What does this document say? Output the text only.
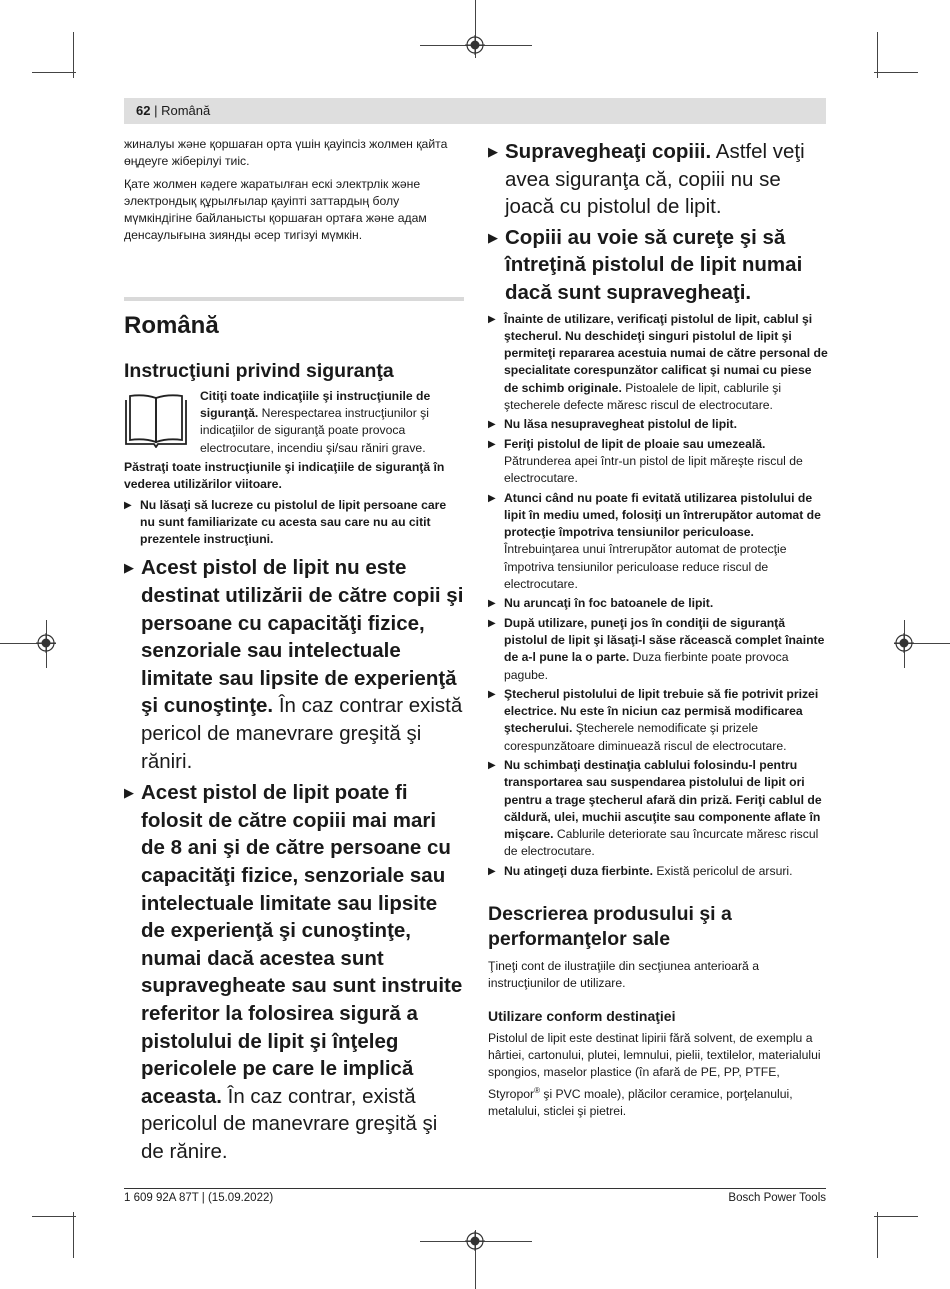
62 | Română

жиналуы және қоршаған орта үшін қауіпсіз жолмен қайта өңдеуге жіберілуі тиіс.

Қате жолмен кәдеге жаратылған ескі электрлік және электрондық құрылғылар қауіпті заттардың болу мүмкіндігіне байланысты қоршаған ортаға және адам денсаулығына зиянды әсер тигізуі мүмкін.

Română
Instrucţiuni privind siguranţa

Citiţi toate indicaţiile şi instrucţiunile de siguranţă. Nerespectarea instrucţiunilor şi indicaţiilor de siguranţă poate provoca electrocutare, incendiu şi/sau răniri grave.

Păstraţi toate instrucţiunile şi indicaţiile de siguranţă în vederea utilizărilor viitoare.

▶ Nu lăsaţi să lucreze cu pistolul de lipit persoane care nu sunt familiarizate cu acesta sau care nu au citit prezentele instrucţiuni.
▶ Acest pistol de lipit nu este destinat utilizării de către copii şi persoane cu capacităţi fizice, senzoriale sau intelectuale limitate sau lipsite de experienţă şi cunoştinţe. În caz contrar există pericol de manevrare greşită şi răniri.
▶ Acest pistol de lipit poate fi folosit de către copiii mai mari de 8 ani şi de către persoane cu capacităţi fizice, senzoriale sau intelectuale limitate sau lipsite de experienţă şi cunoştinţe, numai dacă acestea sunt supravegheate sau sunt instruite referitor la folosirea sigură a pistolului de lipit şi înţeleg pericolele pe care le implică aceasta. În caz contrar, există pericolul de manevrare greşită şi de rănire.
▶ Supravegheaţi copiii. Astfel veţi avea siguranţa că, copiii nu se joacă cu pistolul de lipit.
▶ Copiii au voie să cureţe şi să întreţină pistolul de lipit numai dacă sunt supravegheaţi.
▶ Înainte de utilizare, verificaţi pistolul de lipit, cablul şi ştecherul. Nu deschideţi singuri pistolul de lipit şi permiteţi repararea acestuia numai de către personal de specialitate corespunzător calificat şi numai cu piese de schimb originale. Pistoalele de lipit, cablurile şi ştecherele defecte măresc riscul de electrocutare.
▶ Nu lăsa nesupravegheat pistolul de lipit.
▶ Feriţi pistolul de lipit de ploaie sau umezeală. Pătrunderea apei într-un pistol de lipit măreşte riscul de electrocutare.
▶ Atunci când nu poate fi evitată utilizarea pistolului de lipit în mediu umed, folosiţi un întrerupător automat de protecţie împotriva tensiunilor periculoase. Întrebuinţarea unui întrerupător automat de protecţie împotriva tensiunilor periculoase reduce riscul de electrocutare.
▶ Nu aruncaţi în foc batoanele de lipit.
▶ După utilizare, puneţi jos în condiţii de siguranţă pistolul de lipit şi lăsaţi-l săse răcească complet înainte de a-l pune la o parte. Duza fierbinte poate provoca pagube.
▶ Ştecherul pistolului de lipit trebuie să fie potrivit prizei electrice. Nu este în niciun caz permisă modificarea ştecherului. Ştecherele nemodificate şi prizele corespunzătoare diminuează riscul de electrocutare.
▶ Nu schimbaţi destinaţia cablului folosindu-l pentru transportarea sau suspendarea pistolului de lipit ori pentru a trage ştecherul afară din priză. Feriţi cablul de căldură, ulei, muchii ascuţite sau componente aflate în mişcare. Cablurile deteriorate sau încurcate măresc riscul de electrocutare.
▶ Nu atingeţi duza fierbinte. Există pericolul de arsuri.
Descrierea produsului şi a performanţelor sale

Ţineţi cont de ilustraţiile din secţiunea anterioară a instrucţiunilor de utilizare.

Utilizare conform destinaţiei

Pistolul de lipit este destinat lipirii fără solvent, de exemplu a hârtiei, cartonului, plutei, lemnului, pielii, textilelor, materialului spongios, maselor plastice (în afară de PE, PP, PTFE, Styropor® şi PVC moale), plăcilor ceramice, porţelanului, metalului, sticlei şi pietrei.

1 609 92A 87T | (15.09.2022)	Bosch Power Tools
